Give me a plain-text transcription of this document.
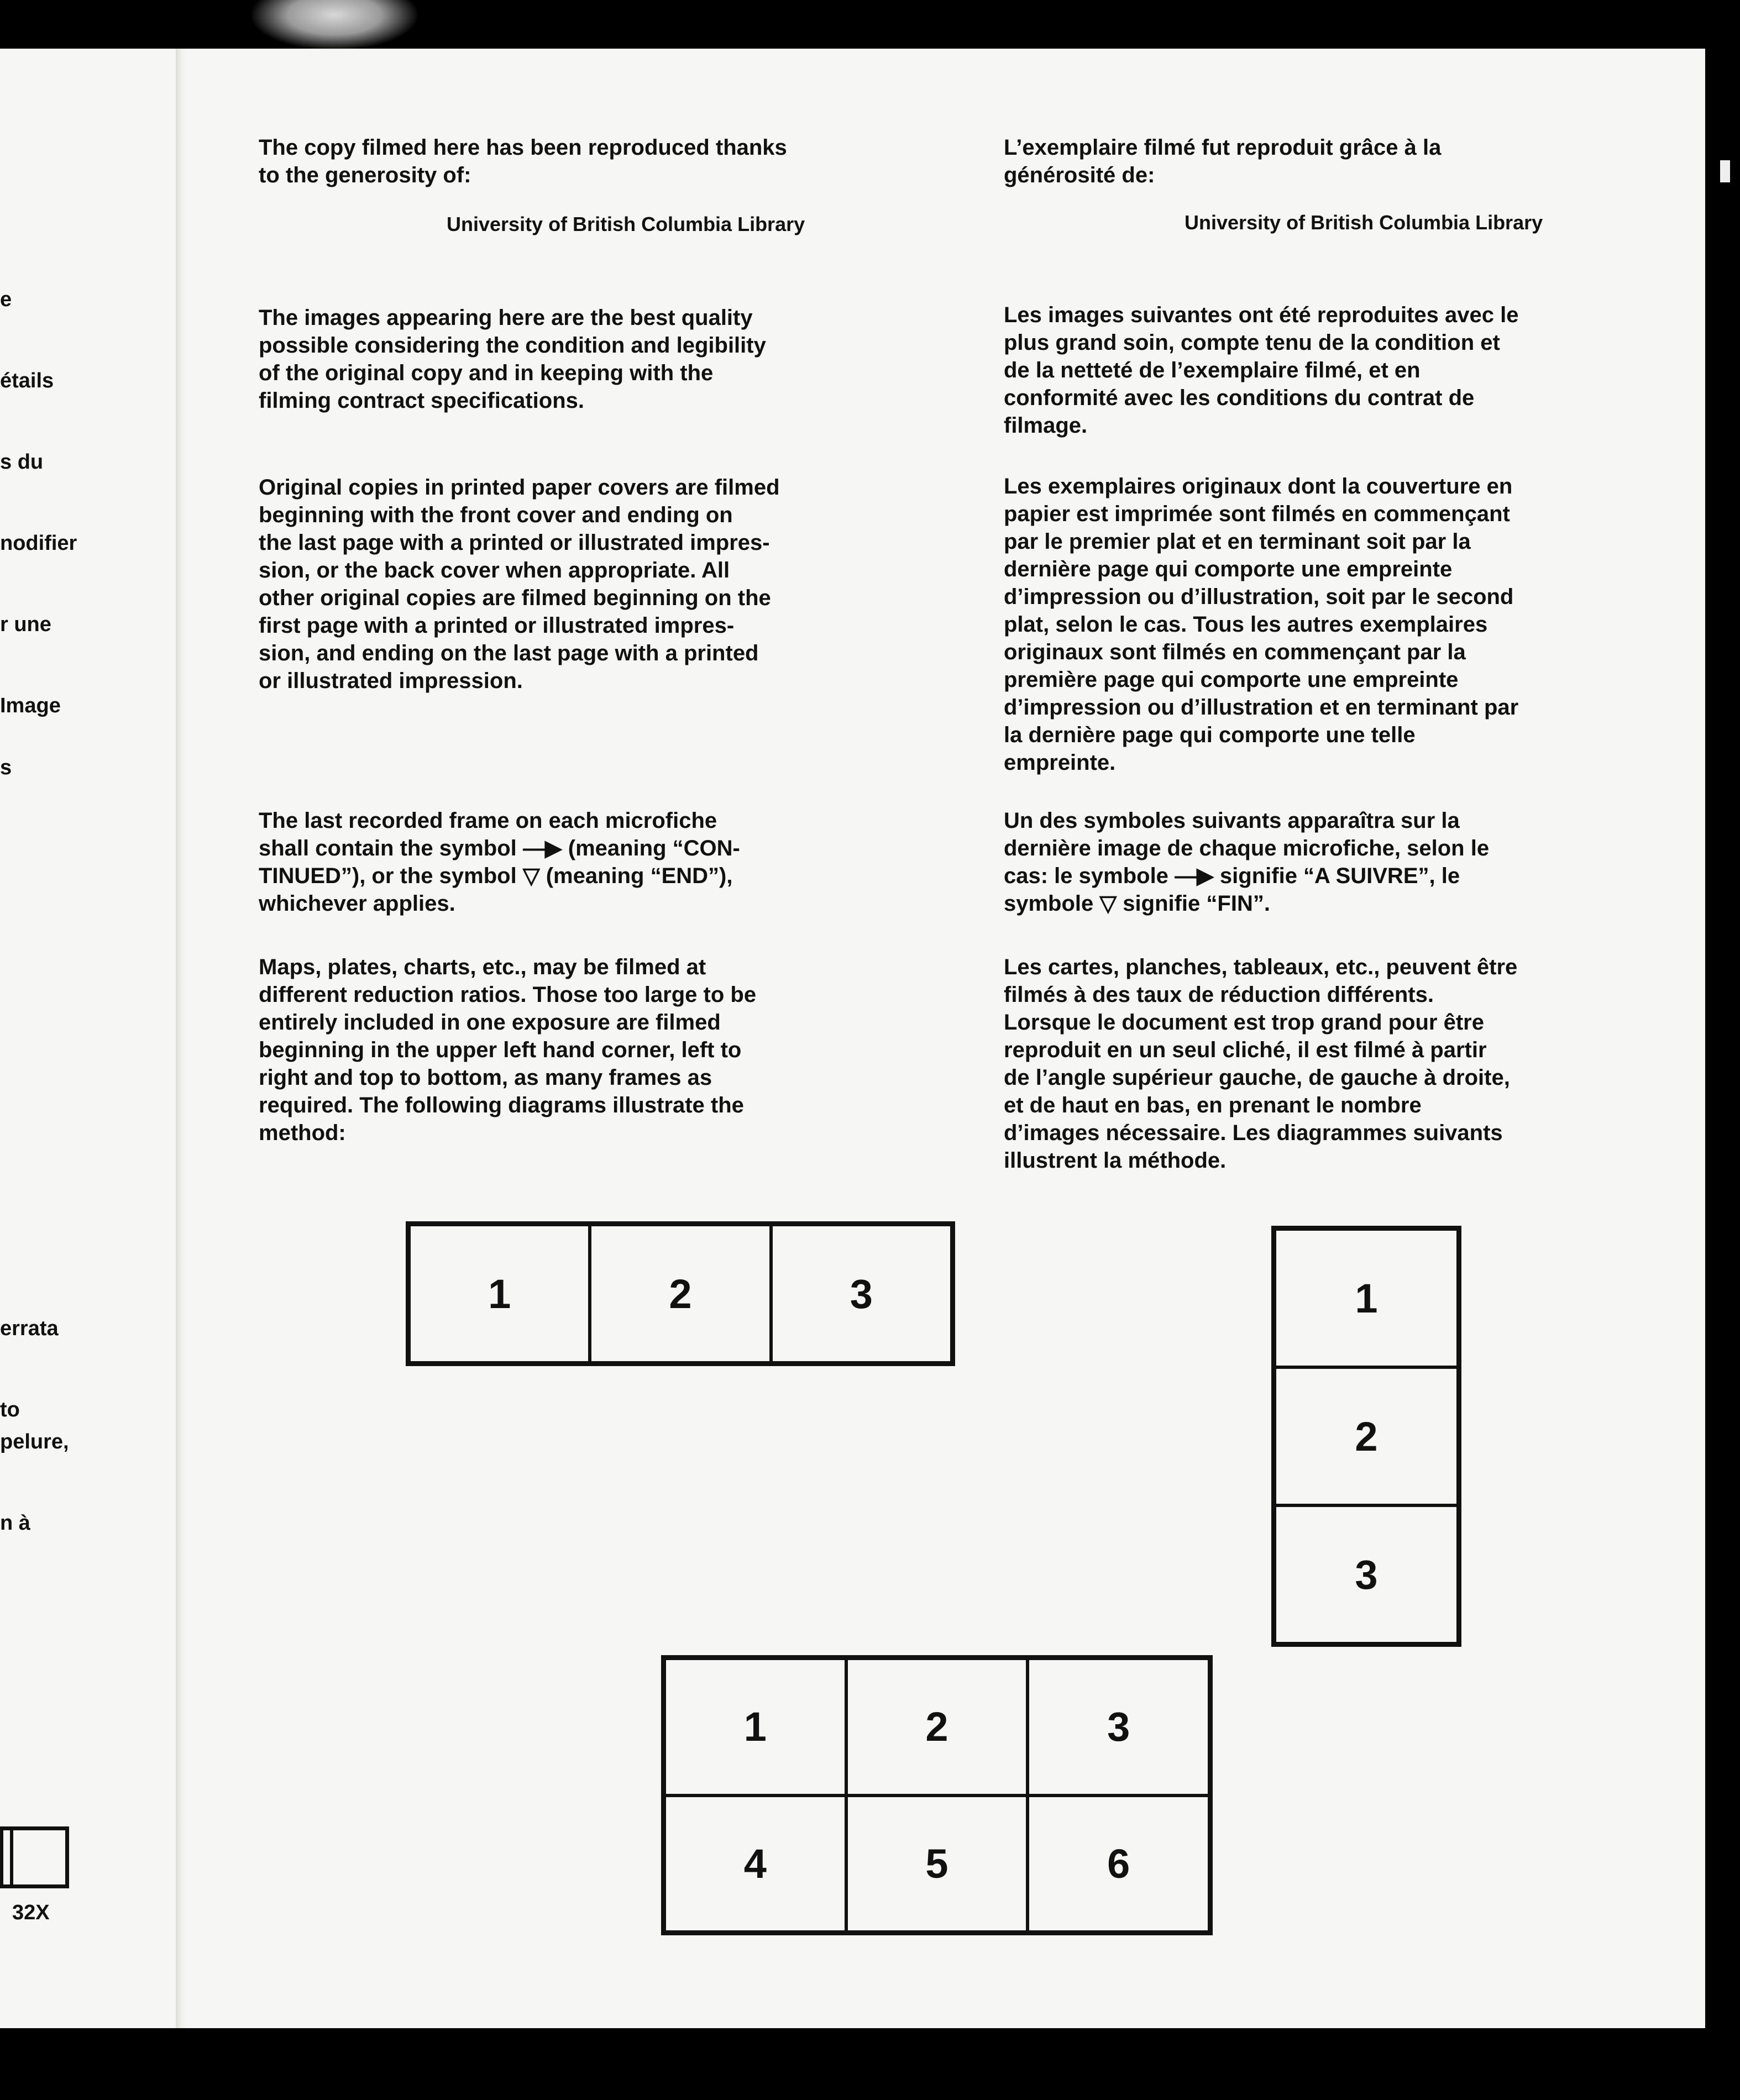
e

étails

s du

nodifier

r une

Image

s

errata

to

pelure,

n à

32X

The copy filmed here has been reproduced thanks

to the generosity of:

University of British Columbia Library

The images appearing here are the best quality

possible considering the condition and legibility

of the original copy and in keeping with the

filming contract specifications.

Original copies in printed paper covers are filmed

beginning with the front cover and ending on

the last page with a printed or illustrated impres-

sion, or the back cover when appropriate. All

other original copies are filmed beginning on the

first page with a printed or illustrated impres-

sion, and ending on the last page with a printed

or illustrated impression.

The last recorded frame on each microfiche

shall contain the symbol —▶ (meaning “CON-

TINUED”), or the symbol ▽ (meaning “END”),

whichever applies.

Maps, plates, charts, etc., may be filmed at

different reduction ratios. Those too large to be

entirely included in one exposure are filmed

beginning in the upper left hand corner, left to

right and top to bottom, as many frames as

required. The following diagrams illustrate the

method:

L’exemplaire filmé fut reproduit grâce à la

générosité de:

University of British Columbia Library

Les images suivantes ont été reproduites avec le

plus grand soin, compte tenu de la condition et

de la netteté de l’exemplaire filmé, et en

conformité avec les conditions du contrat de

filmage.

Les exemplaires originaux dont la couverture en

papier est imprimée sont filmés en commençant

par le premier plat et en terminant soit par la

dernière page qui comporte une empreinte

d’impression ou d’illustration, soit par le second

plat, selon le cas. Tous les autres exemplaires

originaux sont filmés en commençant par la

première page qui comporte une empreinte

d’impression ou d’illustration et en terminant par

la dernière page qui comporte une telle

empreinte.

Un des symboles suivants apparaîtra sur la

dernière image de chaque microfiche, selon le

cas: le symbole —▶ signifie “A SUIVRE”, le

symbole ▽ signifie “FIN”.

Les cartes, planches, tableaux, etc., peuvent être

filmés à des taux de réduction différents.

Lorsque le document est trop grand pour être

reproduit en un seul cliché, il est filmé à partir

de l’angle supérieur gauche, de gauche à droite,

et de haut en bas, en prenant le nombre

d’images nécessaire. Les diagrammes suivants

illustrent la méthode.

1	2	3	1
2
3
1	2	3
4	5	6
